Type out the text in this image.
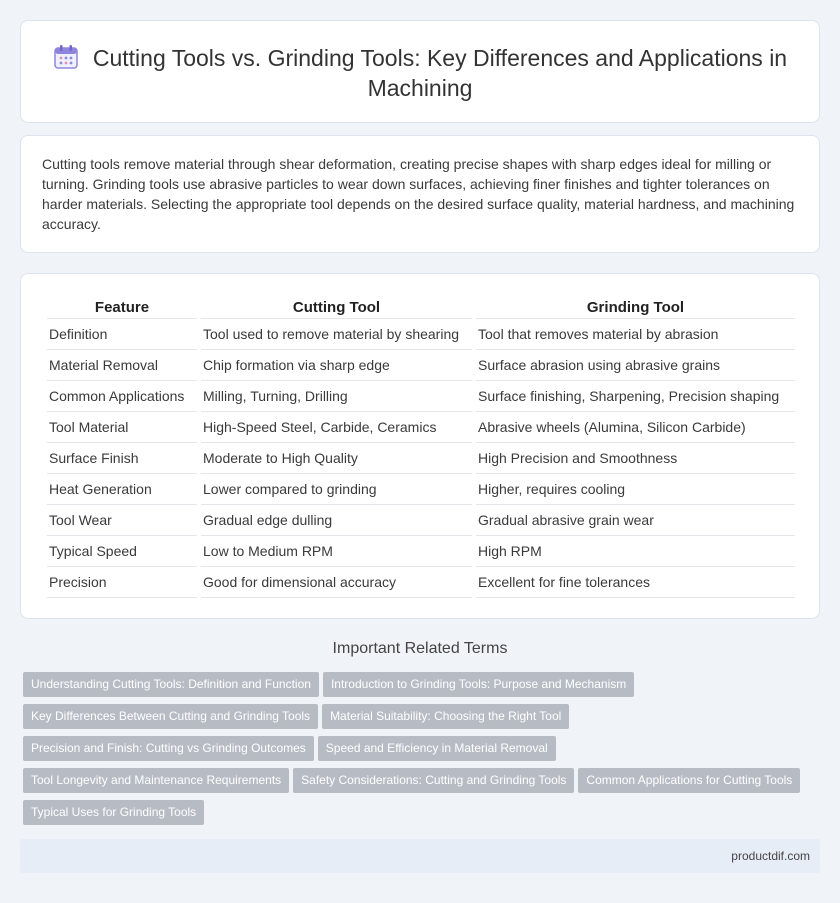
Cutting Tools vs. Grinding Tools: Key Differences and Applications in Machining

Cutting tools remove material through shear deformation, creating precise shapes with sharp edges ideal for milling or turning. Grinding tools use abrasive particles to wear down surfaces, achieving finer finishes and tighter tolerances on harder materials. Selecting the appropriate tool depends on the desired surface quality, material hardness, and machining accuracy.

Feature	Cutting Tool	Grinding Tool
Definition	Tool used to remove material by shearing	Tool that removes material by abrasion
Material Removal	Chip formation via sharp edge	Surface abrasion using abrasive grains
Common Applications	Milling, Turning, Drilling	Surface finishing, Sharpening, Precision shaping
Tool Material	High-Speed Steel, Carbide, Ceramics	Abrasive wheels (Alumina, Silicon Carbide)
Surface Finish	Moderate to High Quality	High Precision and Smoothness
Heat Generation	Lower compared to grinding	Higher, requires cooling
Tool Wear	Gradual edge dulling	Gradual abrasive grain wear
Typical Speed	Low to Medium RPM	High RPM
Precision	Good for dimensional accuracy	Excellent for fine tolerances
Important Related Terms
Understanding Cutting Tools: Definition and Function Introduction to Grinding Tools: Purpose and Mechanism
Key Differences Between Cutting and Grinding Tools Material Suitability: Choosing the Right Tool
Precision and Finish: Cutting vs Grinding Outcomes Speed and Efficiency in Material Removal
Tool Longevity and Maintenance Requirements Safety Considerations: Cutting and Grinding Tools Common Applications for Cutting Tools
Typical Uses for Grinding Tools
productdif.com
